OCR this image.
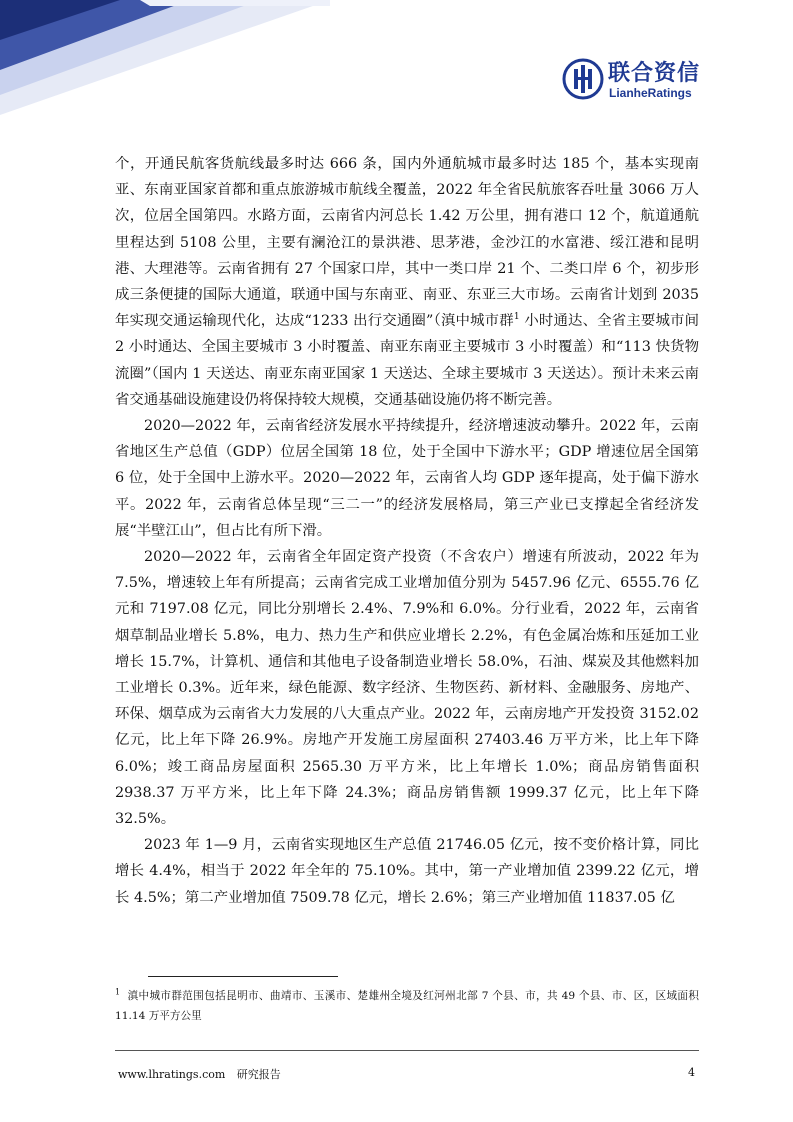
联合资信
LianheRatings

个，开通民航客货航线最多时达 666 条，国内外通航城市最多时达 185 个，基本实现南亚、东南亚国家首都和重点旅游城市航线全覆盖，2022 年全省民航旅客吞吐量 3066 万人次，位居全国第四。水路方面，云南省内河总长 1.42 万公里，拥有港口 12 个，航道通航里程达到 5108 公里，主要有澜沧江的景洪港、思茅港，金沙江的水富港、绥江港和昆明港、大理港等。云南省拥有 27 个国家口岸，其中一类口岸 21 个、二类口岸 6 个，初步形成三条便捷的国际大通道，联通中国与东南亚、南亚、东亚三大市场。云南省计划到 2035 年实现交通运输现代化，达成“1233 出行交通圈”（滇中城市群$^1$ 小时通达、全省主要城市间 2 小时通达、全国主要城市 3 小时覆盖、南亚东南亚主要城市 3 小时覆盖）和“113 快货物流圈”（国内 1 天送达、南亚东南亚国家 1 天送达、全球主要城市 3 天送达）。预计未来云南省交通基础设施建设仍将保持较大规模，交通基础设施仍将不断完善。

2020—2022 年，云南省经济发展水平持续提升，经济增速波动攀升。2022 年，云南省地区生产总值（GDP）位居全国第 18 位，处于全国中下游水平；GDP 增速位居全国第 6 位，处于全国中上游水平。2020—2022 年，云南省人均 GDP 逐年提高，处于偏下游水平。2022 年，云南省总体呈现“三二一”的经济发展格局，第三产业已支撑起全省经济发展“半壁江山”，但占比有所下滑。

2020—2022 年，云南省全年固定资产投资（不含农户）增速有所波动，2022 年为 7.5%，增速较上年有所提高；云南省完成工业增加值分别为 5457.96 亿元、6555.76 亿元和 7197.08 亿元，同比分别增长 2.4%、7.9%和 6.0%。分行业看，2022 年，云南省烟草制品业增长 5.8%，电力、热力生产和供应业增长 2.2%，有色金属冶炼和压延加工业增长 15.7%，计算机、通信和其他电子设备制造业增长 58.0%，石油、煤炭及其他燃料加工业增长 0.3%。近年来，绿色能源、数字经济、生物医药、新材料、金融服务、房地产、环保、烟草成为云南省大力发展的八大重点产业。2022 年，云南房地产开发投资 3152.02 亿元，比上年下降 26.9%。房地产开发施工房屋面积 27403.46 万平方米，比上年下降 6.0%；竣工商品房屋面积 2565.30 万平方米，比上年增长 1.0%；商品房销售面积 2938.37 万平方米，比上年下降 24.3%；商品房销售额 1999.37 亿元，比上年下降 32.5%。

2023 年 1—9 月，云南省实现地区生产总值 21746.05 亿元，按不变价格计算，同比增长 4.4%，相当于 2022 年全年的 75.10%。其中，第一产业增加值 2399.22 亿元，增长 4.5%；第二产业增加值 7509.78 亿元，增长 2.6%；第三产业增加值 11837.05 亿

$^1$ 滇中城市群范围包括昆明市、曲靖市、玉溪市、楚雄州全境及红河州北部 7 个县、市，共 49 个县、市、区，区域面积 11.14 万平方公里
www.lhratings.com 研究报告	4
